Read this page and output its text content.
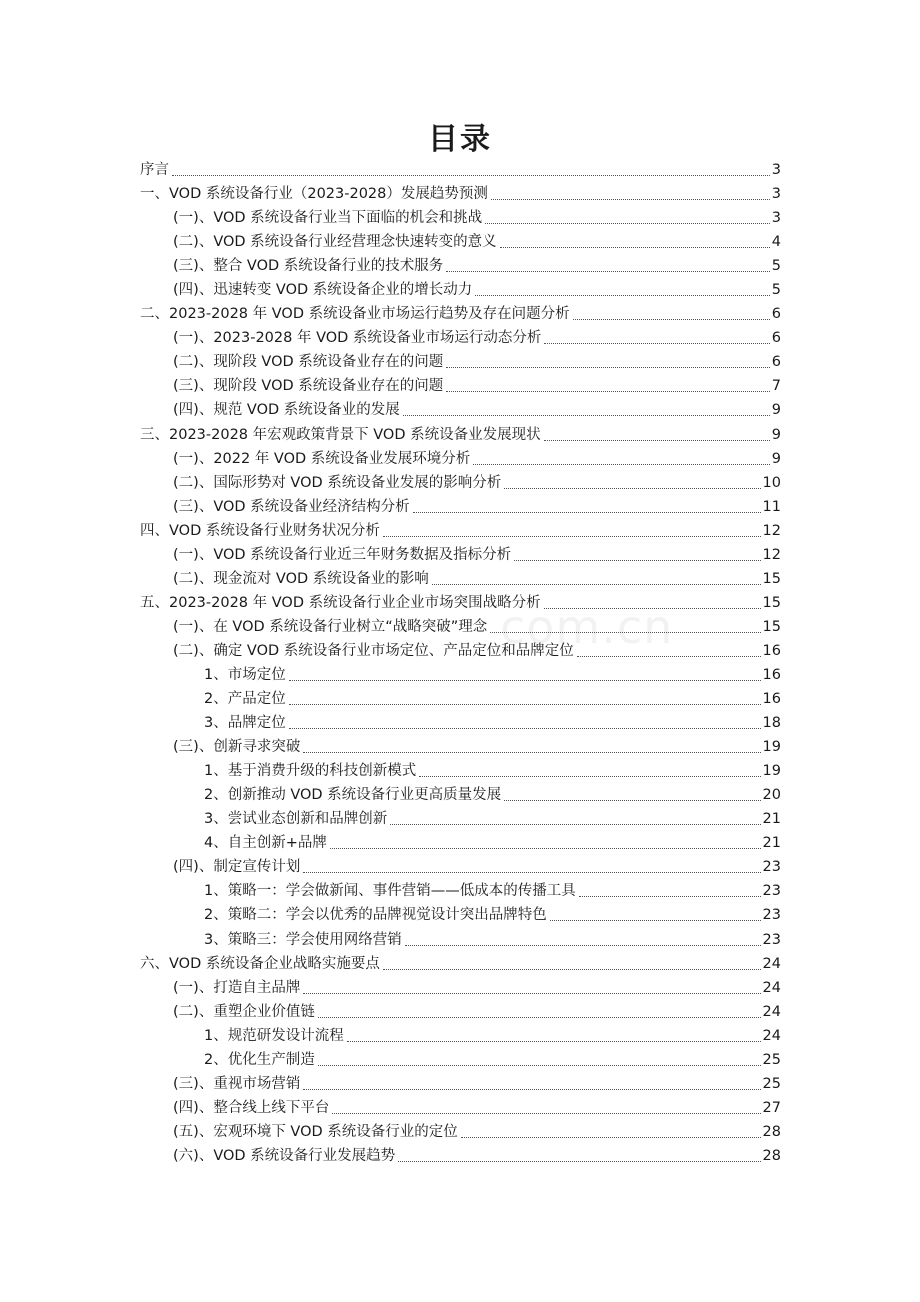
目录
com.cn
序言	3
一、VOD 系统设备行业（2023-2028）发展趋势预测	3
(一)、VOD 系统设备行业当下面临的机会和挑战	3
(二)、VOD 系统设备行业经营理念快速转变的意义	4
(三)、整合 VOD 系统设备行业的技术服务	5
(四)、迅速转变 VOD 系统设备企业的增长动力	5
二、2023-2028 年 VOD 系统设备业市场运行趋势及存在问题分析	6
(一)、2023-2028 年 VOD 系统设备业市场运行动态分析	6
(二)、现阶段 VOD 系统设备业存在的问题	6
(三)、现阶段 VOD 系统设备业存在的问题	7
(四)、规范 VOD 系统设备业的发展	9
三、2023-2028 年宏观政策背景下 VOD 系统设备业发展现状	9
(一)、2022 年 VOD 系统设备业发展环境分析	9
(二)、国际形势对 VOD 系统设备业发展的影响分析	10
(三)、VOD 系统设备业经济结构分析	11
四、VOD 系统设备行业财务状况分析	12
(一)、VOD 系统设备行业近三年财务数据及指标分析	12
(二)、现金流对 VOD 系统设备业的影响	15
五、2023-2028 年 VOD 系统设备行业企业市场突围战略分析	15
(一)、在 VOD 系统设备行业树立“战略突破”理念	15
(二)、确定 VOD 系统设备行业市场定位、产品定位和品牌定位	16
1、市场定位	16
2、产品定位	16
3、品牌定位	18
(三)、创新寻求突破	19
1、基于消费升级的科技创新模式	19
2、创新推动 VOD 系统设备行业更高质量发展	20
3、尝试业态创新和品牌创新	21
4、自主创新+品牌	21
(四)、制定宣传计划	23
1、策略一：学会做新闻、事件营销——低成本的传播工具	23
2、策略二：学会以优秀的品牌视觉设计突出品牌特色	23
3、策略三：学会使用网络营销	23
六、VOD 系统设备企业战略实施要点	24
(一)、打造自主品牌	24
(二)、重塑企业价值链	24
1、规范研发设计流程	24
2、优化生产制造	25
(三)、重视市场营销	25
(四)、整合线上线下平台	27
(五)、宏观环境下 VOD 系统设备行业的定位	28
(六)、VOD 系统设备行业发展趋势	28
